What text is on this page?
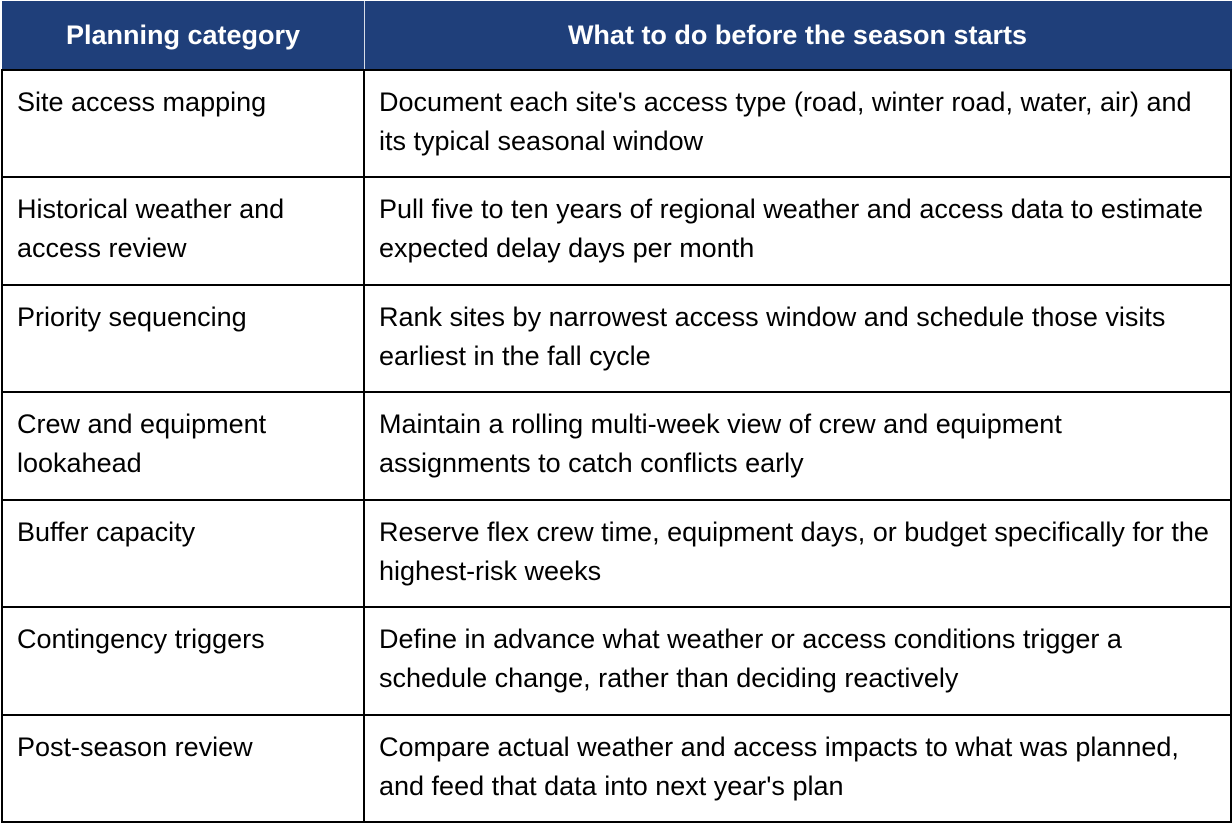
Planning category	What to do before the season starts
Site access mapping	Document each site's access type (road, winter road, water, air) and its typical seasonal window
Historical weather and access review	Pull five to ten years of regional weather and access data to estimate expected delay days per month
Priority sequencing	Rank sites by narrowest access window and schedule those visits earliest in the fall cycle
Crew and equipment lookahead	Maintain a rolling multi-week view of crew and equipment assignments to catch conflicts early
Buffer capacity	Reserve flex crew time, equipment days, or budget specifically for the highest-risk weeks
Contingency triggers	Define in advance what weather or access conditions trigger a schedule change, rather than deciding reactively
Post-season review	Compare actual weather and access impacts to what was planned, and feed that data into next year's plan
